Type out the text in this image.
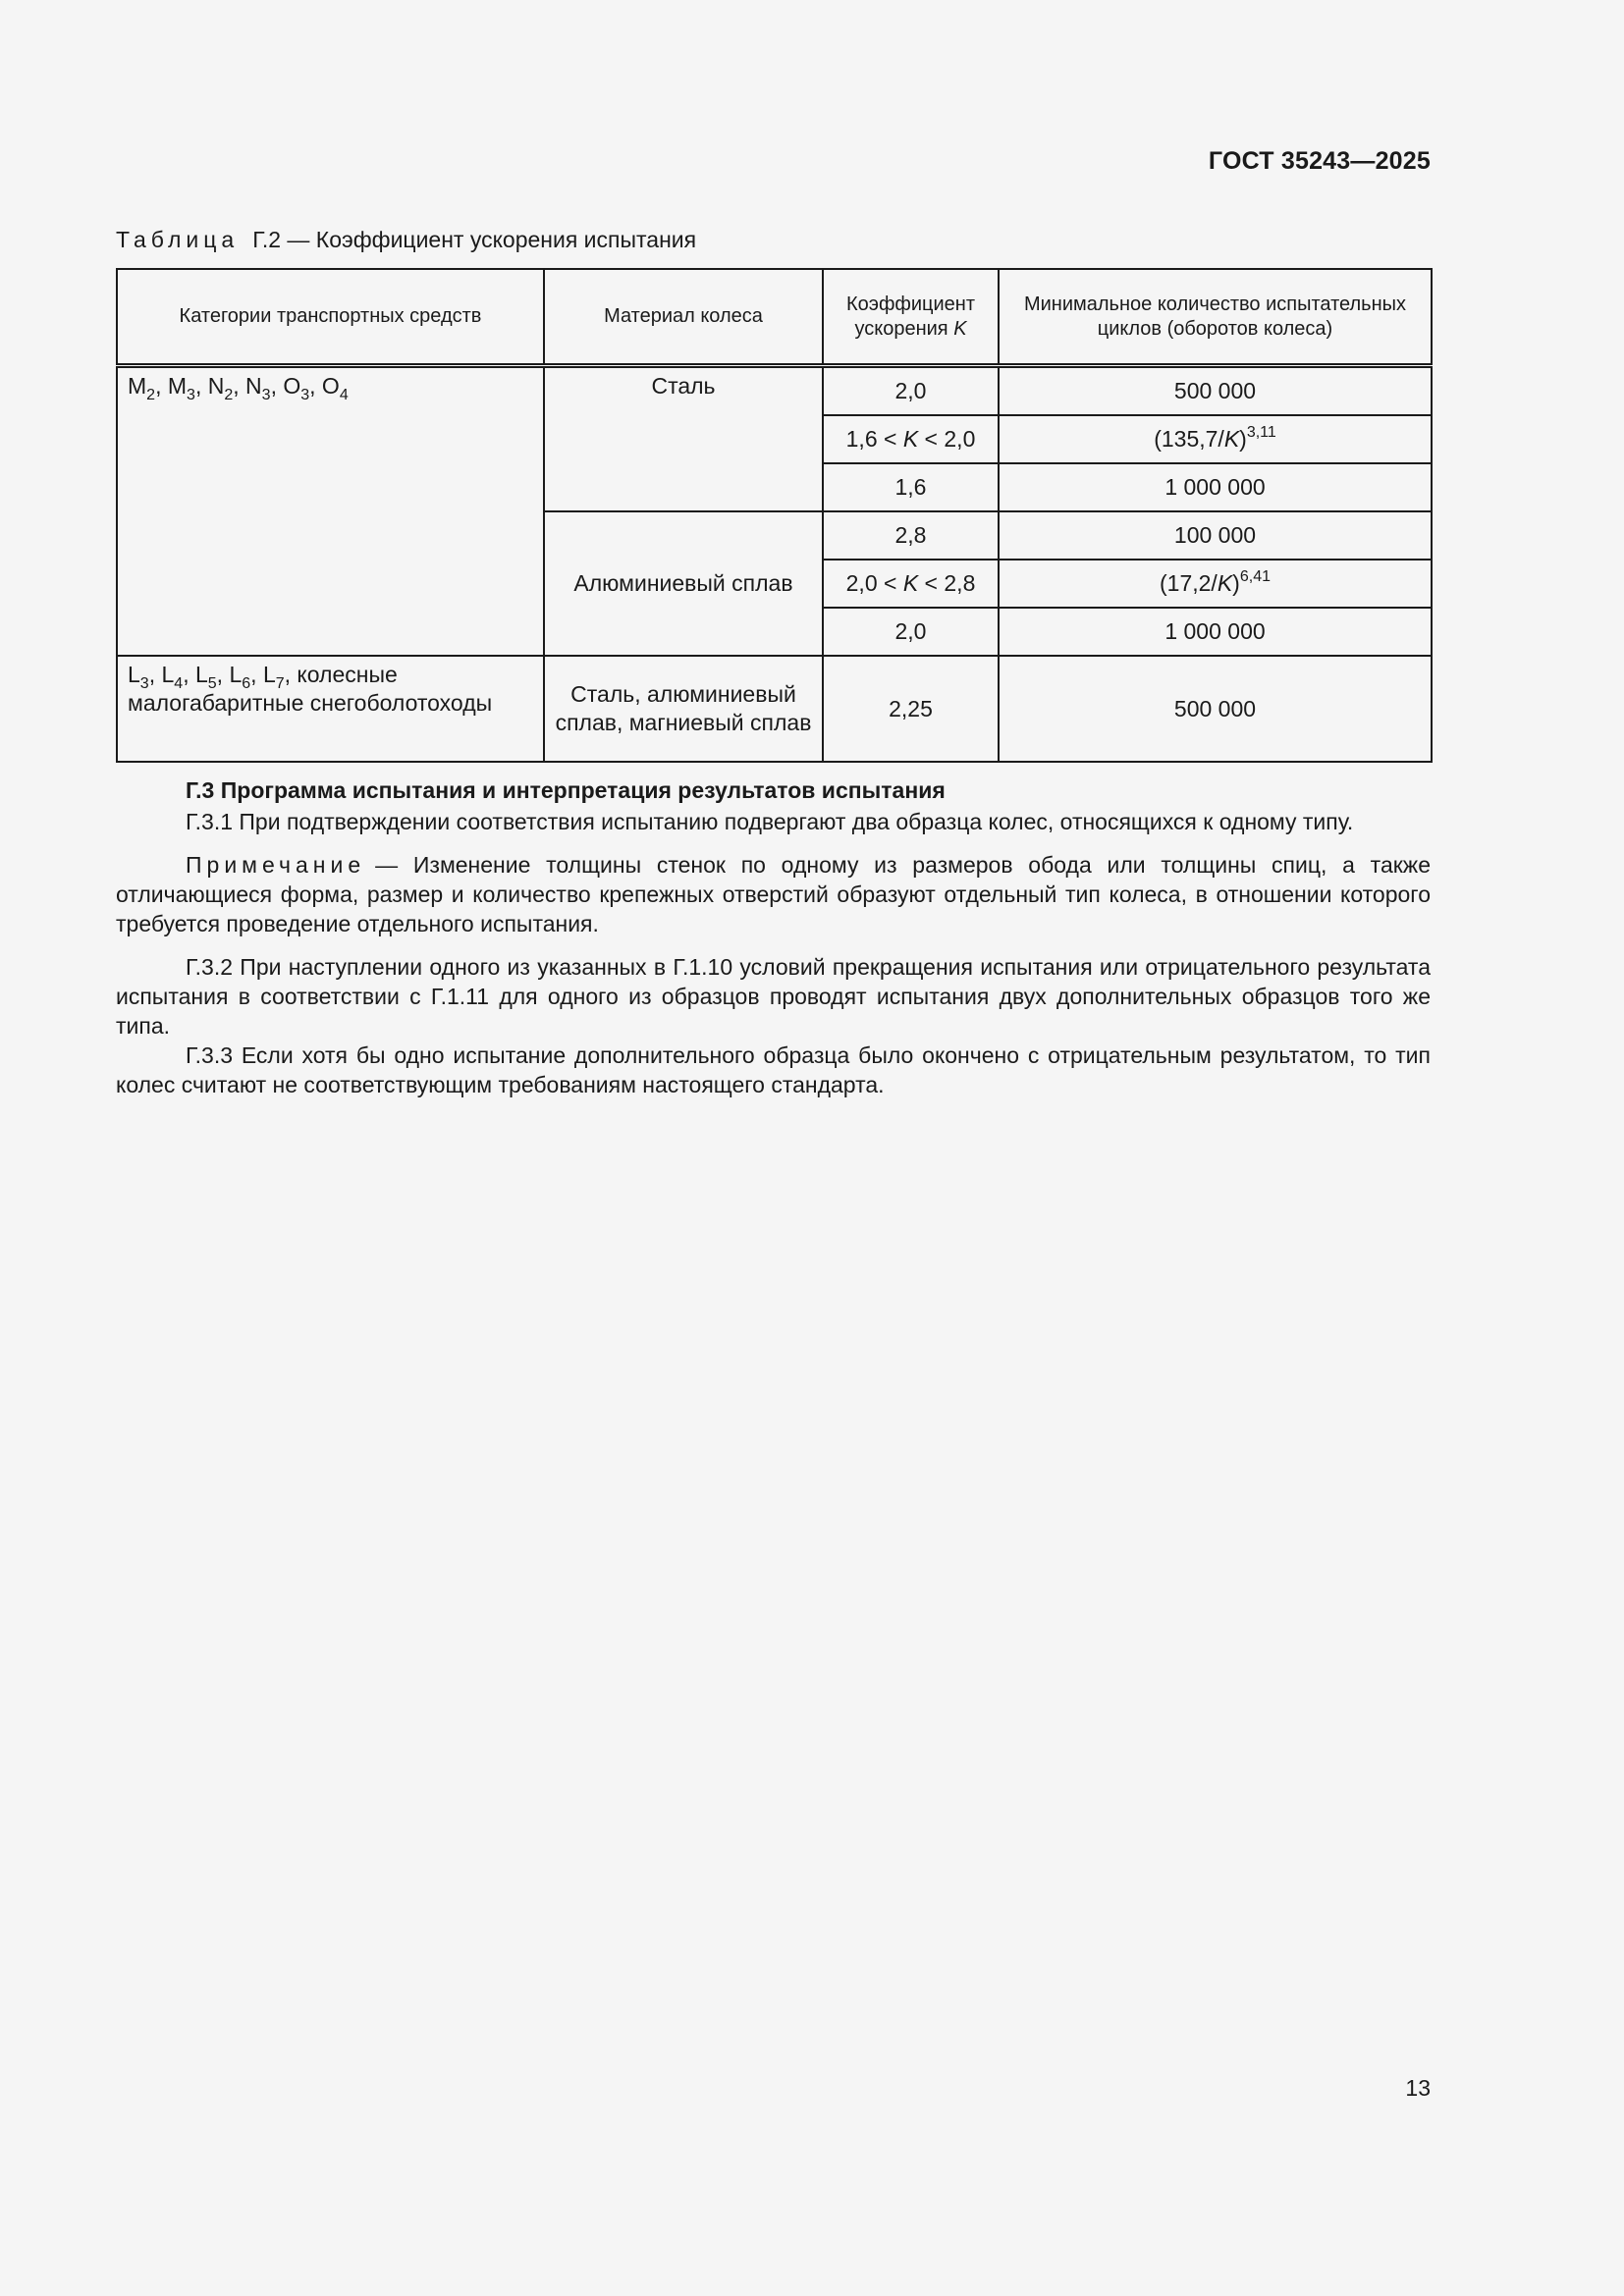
ГОСТ 35243—2025
Таблица Г.2 — Коэффициент ускорения испытания
Категории транспортных средств	Материал колеса	Коэффициент ускорения K	Минимальное количество испытательных циклов (оборотов колеса)
$M_2$, $M_3$, $N_2$, $N_3$, $O_3$, $O_4$	Сталь	2,0	500 000
		1,6 < K < 2,0	$(135,7/K)^{3,11}$
		1,6	1 000 000
	Алюминиевый сплав	2,8	100 000
		2,0 < K < 2,8	$(17,2/K)^{6,41}$
		2,0	1 000 000
$L_3$, $L_4$, $L_5$, $L_6$, $L_7$, колесные малогабаритные снегоболотоходы	Сталь, алюминиевый сплав, магниевый сплав	2,25	500 000

Г.3 Программа испытания и интерпретация результатов испытания

Г.3.1 При подтверждении соответствия испытанию подвергают два образца колес, относящихся к одному типу.

Примечание — Изменение толщины стенок по одному из размеров обода или толщины спиц, а также отличающиеся форма, размер и количество крепежных отверстий образуют отдельный тип колеса, в отношении которого требуется проведение отдельного испытания.

Г.3.2 При наступлении одного из указанных в Г.1.10 условий прекращения испытания или отрицательного результата испытания в соответствии с Г.1.11 для одного из образцов проводят испытания двух дополнительных образцов того же типа.

Г.3.3 Если хотя бы одно испытание дополнительного образца было окончено с отрицательным результатом, то тип колес считают не соответствующим требованиям настоящего стандарта.

13
